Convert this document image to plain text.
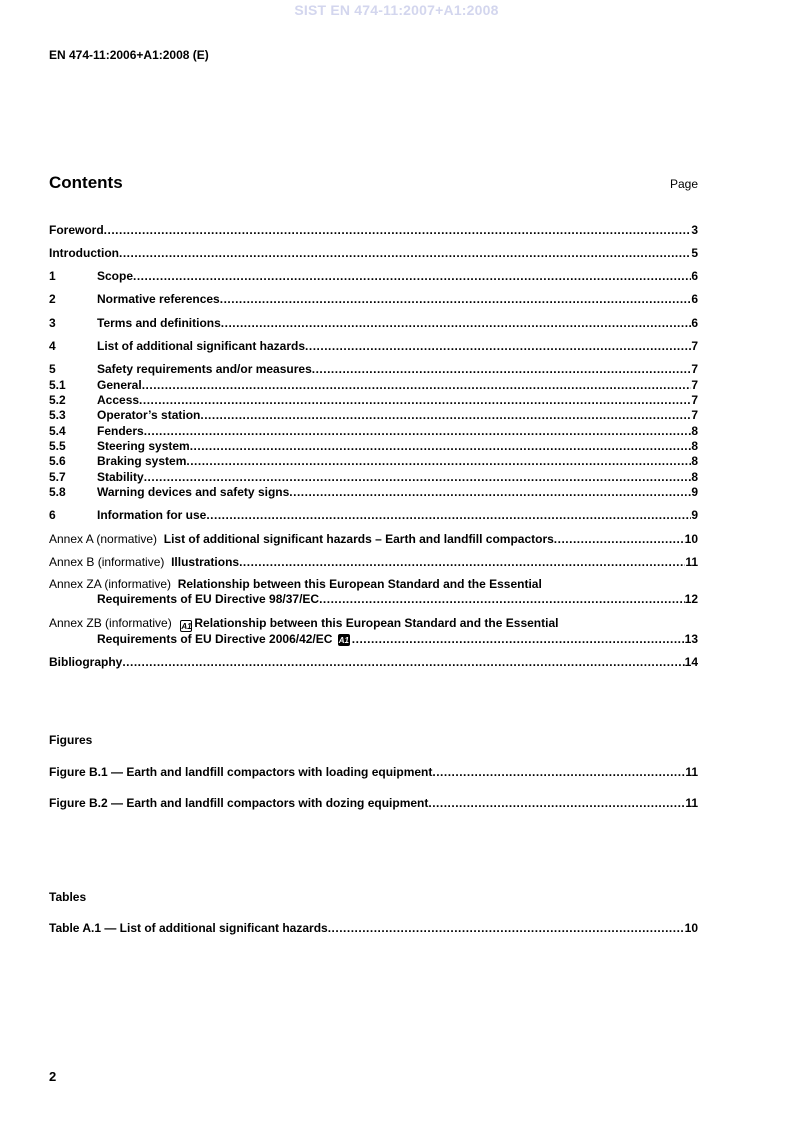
SIST EN 474-11:2007+A1:2008
EN 474-11:2006+A1:2008 (E)
Contents	Page
Foreword .....	3
Introduction .....	5
1	Scope .....	6
2	Normative references .....	6
3	Terms and definitions .....	6
4	List of additional significant hazards .....	7
5	Safety requirements and/or measures .....	7
5.1	General .....	7
5.2	Access .....	7
5.3	Operator’s station .....	7
5.4	Fenders .....	8
5.5	Steering system .....	8
5.6	Braking system .....	8
5.7	Stability .....	8
5.8	Warning devices and safety signs .....	9
6	Information for use .....	9
Annex A (normative) List of additional significant hazards – Earth and landfill compactors .....	10
Annex B (informative) Illustrations .....	11
Annex ZA (informative) Relationship between this European Standard and the Essential
Requirements of EU Directive 98/37/EC .....	12
Annex ZB (informative) A1 Relationship between this European Standard and the Essential
Requirements of EU Directive 2006/42/EC
A1 .....	13
Bibliography .....	14
Figures
Figure B.1 — Earth and landfill compactors with loading equipment .....	11
Figure B.2 — Earth and landfill compactors with dozing equipment .....	11
Tables
Table A.1 — List of additional significant hazards .....	10
2
